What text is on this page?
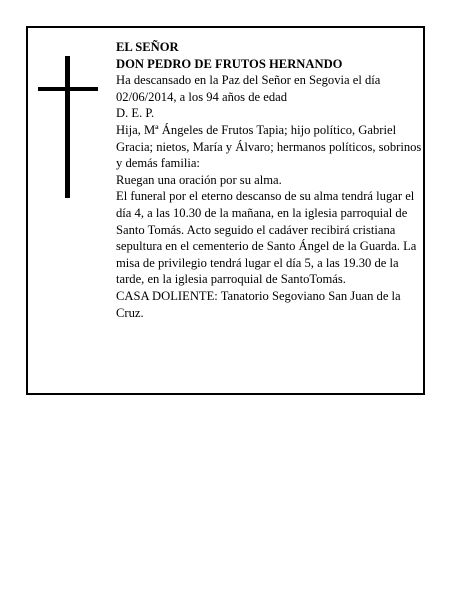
EL SEÑOR

DON PEDRO DE FRUTOS HERNANDO

Ha descansado en la Paz del Señor en Segovia el día 02/06/2014, a los 94 años de edad

D. E. P.

Hija, Mª Ángeles de Frutos Tapia; hijo político, Gabriel Gracia; nietos, María y Álvaro; hermanos políticos, sobrinos y demás familia:

Ruegan una oración por su alma.

El funeral por el eterno descanso de su alma tendrá lugar el día 4, a las 10.30 de la mañana, en la iglesia parroquial de Santo Tomás. Acto seguido el cadáver recibirá cristiana sepultura en el cementerio de Santo Ángel de la Guarda. La misa de privilegio tendrá lugar el día 5, a las 19.30 de la tarde, en la iglesia parroquial de SantoTomás.

CASA DOLIENTE: Tanatorio Segoviano San Juan de la Cruz.
